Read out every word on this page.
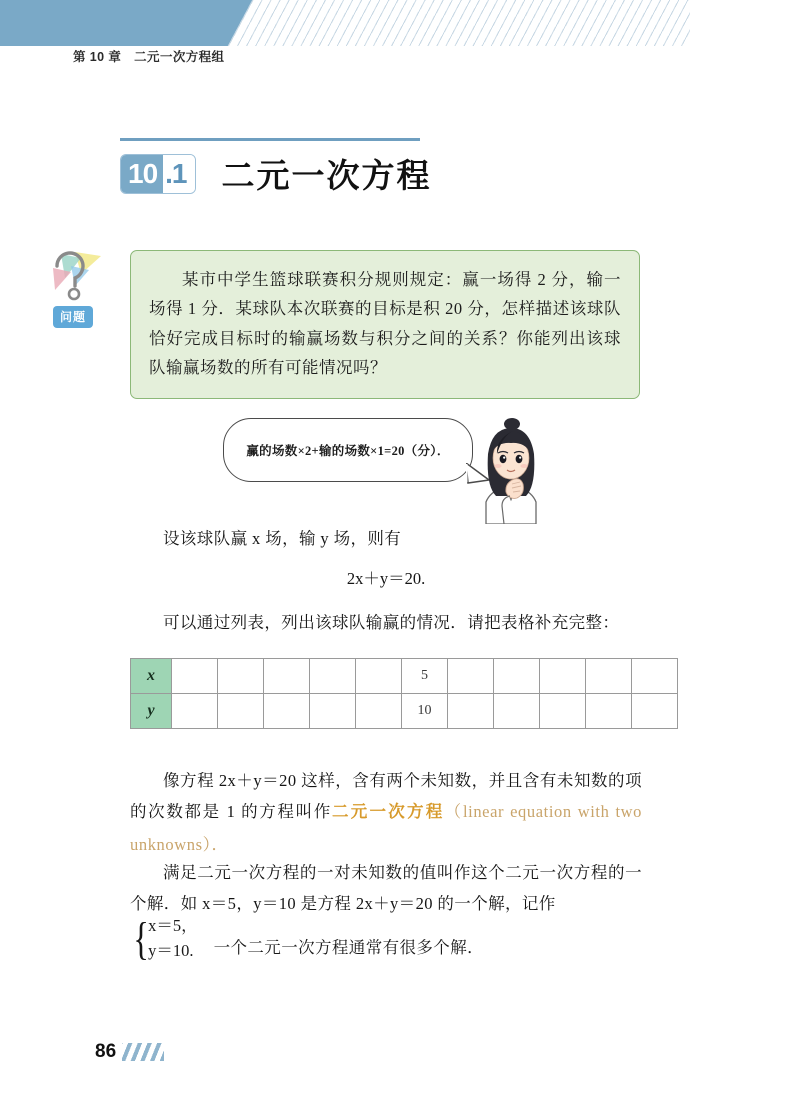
第 10 章　二元一次方程组
10 .1 二元一次方程
问题

某市中学生篮球联赛积分规则规定：赢一场得 2 分，输一场得 1 分．某球队本次联赛的目标是积 20 分，怎样描述该球队恰好完成目标时的输赢场数与积分之间的关系？你能列出该球队输赢场数的所有可能情况吗？

赢的场数×2+输的场数×1=20（分）．
设该球队赢 x 场，输 y 场，则有
2x＋y＝20.
可以通过列表，列出该球队输赢的情况．请把表格补充完整：
x						5					
y						10					
像方程 2x＋y＝20 这样，含有两个未知数，并且含有未知数的项的次数都是 1 的方程叫作二元一次方程（linear equation with two unknowns）．
满足二元一次方程的一对未知数的值叫作这个二元一次方程的一个解．如 x＝5，y＝10 是方程 2x＋y＝20 的一个解，记作
{ x＝5，
y＝10. 一个二元一次方程通常有很多个解．
86
